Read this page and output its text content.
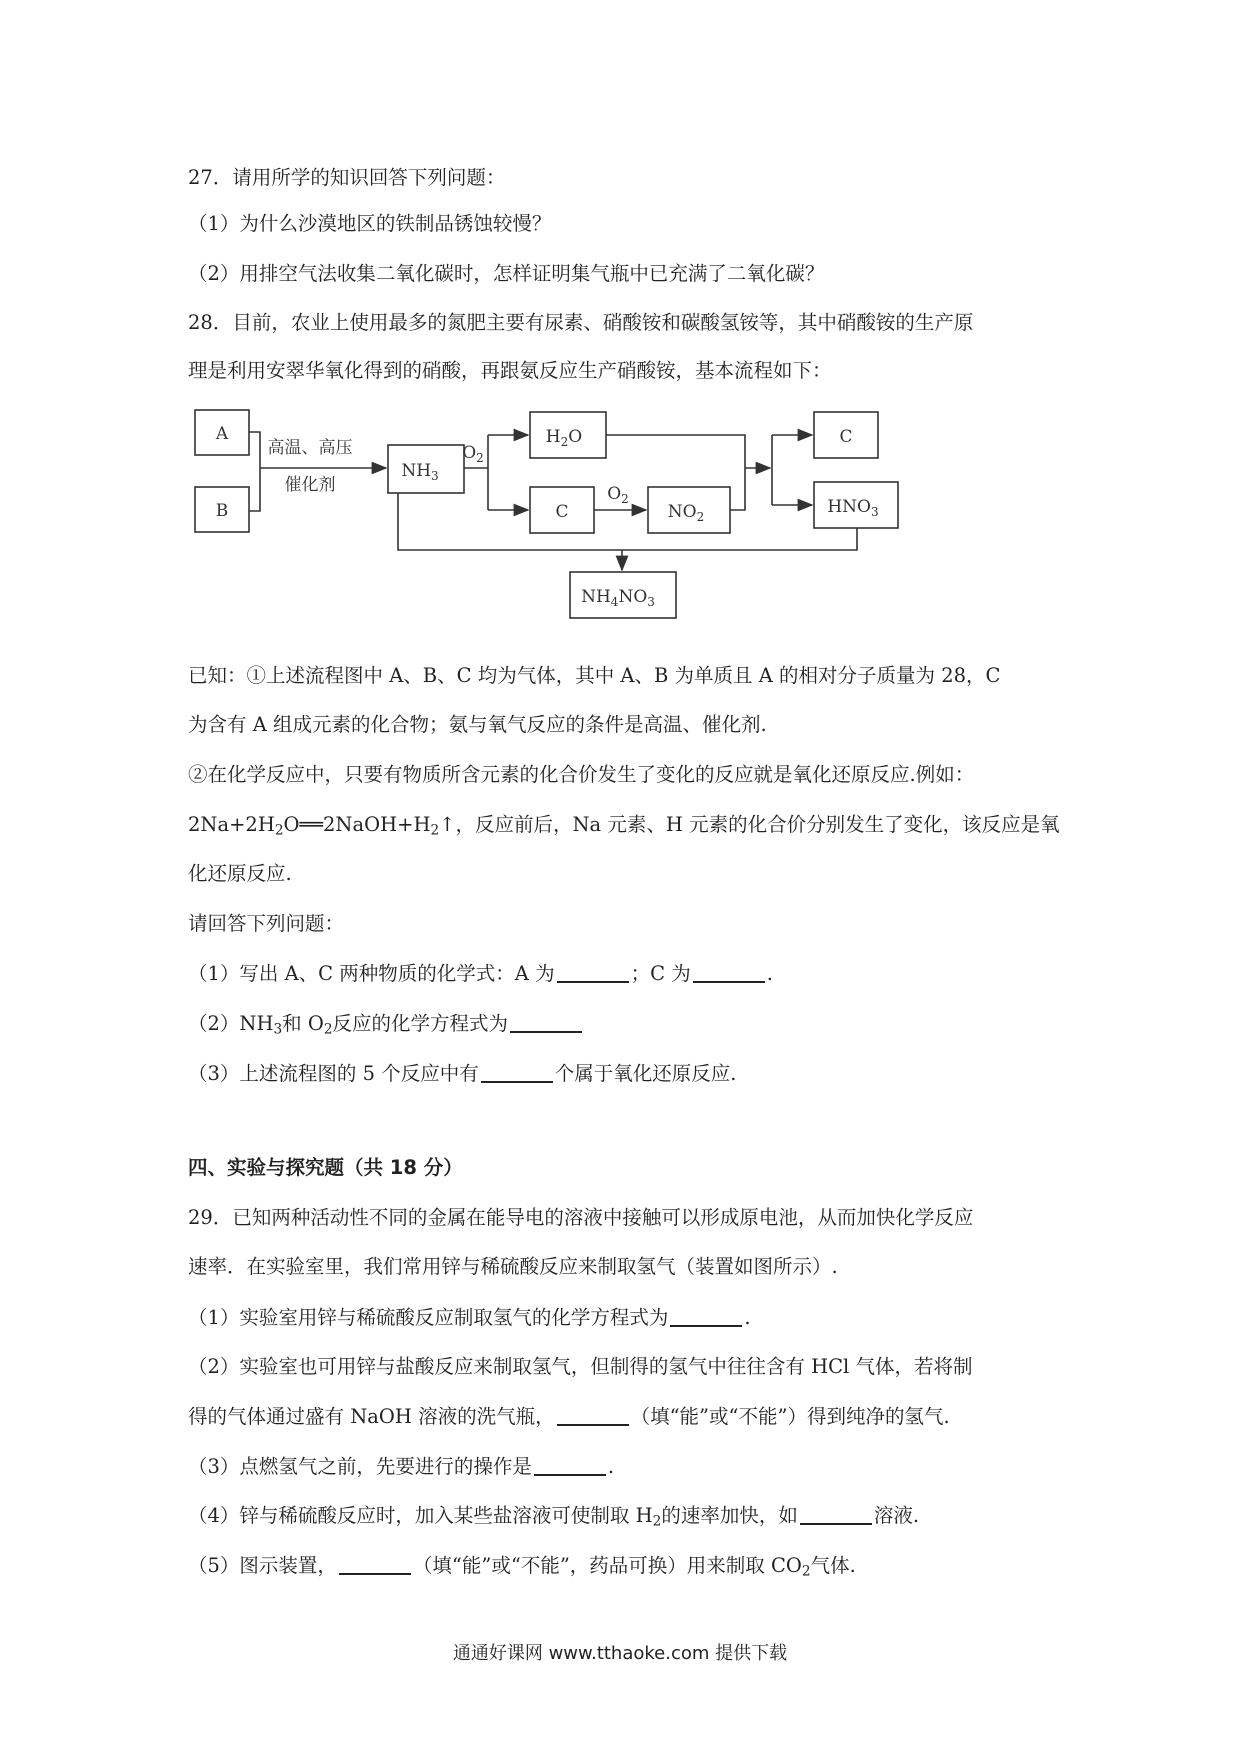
27．请用所学的知识回答下列问题：
（1）为什么沙漠地区的铁制品锈蚀较慢？
（2）用排空气法收集二氧化碳时，怎样证明集气瓶中已充满了二氧化碳？
28．目前，农业上使用最多的氮肥主要有尿素、硝酸铵和碳酸氢铵等，其中硝酸铵的生产原
理是利用安翠华氧化得到的硝酸，再跟氨反应生产硝酸铵，基本流程如下：
A
B
高温、高压
催化剂
$NH_3$
$O_2$
$H_2O$
C
$O_2$
$NO_2$
C
$HNO_3$
$NH_4NO_3$
已知：①上述流程图中 A、B、C 均为气体，其中 A、B 为单质且 A 的相对分子质量为 28，C
为含有 A 组成元素的化合物；氨与氧气反应的条件是高温、催化剂.
②在化学反应中，只要有物质所含元素的化合价发生了变化的反应就是氧化还原反应.例如：
$2Na+2H_2O══2NaOH+H_2↑$，反应前后，Na 元素、H 元素的化合价分别发生了变化，该反应是氧
化还原反应.
请回答下列问题：
（1）写出 A、C 两种物质的化学式：A 为	；C 为	.
$(2)NH_3$和 $O_2$反应的化学方程式为
（3）上述流程图的 5 个反应中有	个属于氧化还原反应.
四、实验与探究题（共 18 分）
29．已知两种活动性不同的金属在能导电的溶液中接触可以形成原电池，从而加快化学反应
速率．在实验室里，我们常用锌与稀硫酸反应来制取氢气（装置如图所示）.
（1）实验室用锌与稀硫酸反应制取氢气的化学方程式为	.
（2）实验室也可用锌与盐酸反应来制取氢气，但制得的氢气中往往含有 HCl 气体，若将制
得的气体通过盛有 NaOH 溶液的洗气瓶，	（填“能”或“不能”）得到纯净的氢气.
（3）点燃氢气之前，先要进行的操作是	.
（4）锌与稀硫酸反应时，加入某些盐溶液可使制取 $H_2$的速率加快，如	溶液.
（5）图示装置，	（填“能”或“不能”，药品可换）用来制取 $CO_2$气体.
通通好课网 www.tthaoke.com 提供下载
